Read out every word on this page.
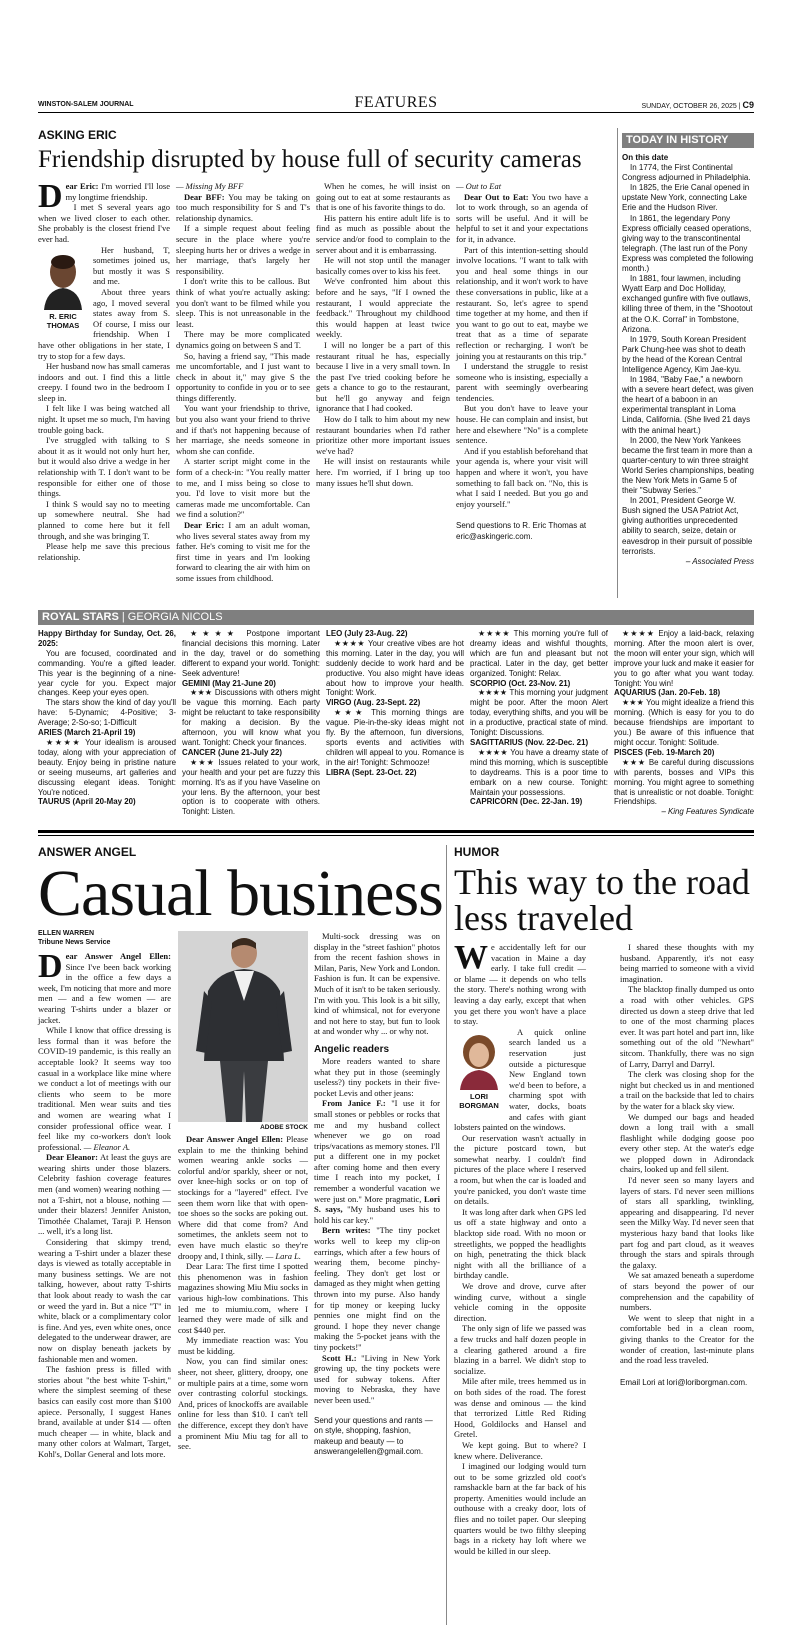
WINSTON-SALEM JOURNAL	FEATURES	SUNDAY, OCTOBER 26, 2025 | C9
ASKING ERIC
Friendship disrupted by house full of security cameras

Dear Eric: I'm worried I'll lose my longtime friendship.

I met S several years ago when we lived closer to each other. She probably is the closest friend I've ever had.

R. ERIC THOMAS

Her husband, T, sometimes joined us, but mostly it was S and me.

About three years ago, I moved several states away from S. Of course, I miss our friendship. When I have other obligations in her state, I try to stop for a few days.

Her husband now has small cameras indoors and out. I find this a little creepy. I found two in the bedroom I sleep in.

I felt like I was being watched all night. It upset me so much, I'm having trouble going back.

I've struggled with talking to S about it as it would not only hurt her, but it would also drive a wedge in her relationship with T. I don't want to be responsible for either one of those things.

I think S would say no to meeting up somewhere neutral. She had planned to come here but it fell through, and she was bringing T.

Please help me save this precious relationship.

— Missing My BFF

Dear BFF: You may be taking on too much responsibility for S and T's relationship dynamics.

If a simple request about feeling secure in the place where you're sleeping hurts her or drives a wedge in her marriage, that's largely her responsibility.

I don't write this to be callous. But think of what you're actually asking: you don't want to be filmed while you sleep. This is not unreasonable in the least.

There may be more complicated dynamics going on between S and T.

So, having a friend say, "This made me uncomfortable, and I just want to check in about it," may give S the opportunity to confide in you or to see things differently.

You want your friendship to thrive, but you also want your friend to thrive and if that's not happening because of her marriage, she needs someone in whom she can confide.

A starter script might come in the form of a check-in: "You really matter to me, and I miss being so close to you. I'd love to visit more but the cameras made me uncomfortable. Can we find a solution?"

Dear Eric: I am an adult woman, who lives several states away from my father. He's coming to visit me for the first time in years and I'm looking forward to clearing the air with him on some issues from childhood.

When he comes, he will insist on going out to eat at some restaurants as that is one of his favorite things to do.

His pattern his entire adult life is to find as much as possible about the service and/or food to complain to the server about and it is embarrassing.

He will not stop until the manager basically comes over to kiss his feet.

We've confronted him about this before and he says, "If I owned the restaurant, I would appreciate the feedback." Throughout my childhood this would happen at least twice weekly.

I will no longer be a part of this restaurant ritual he has, especially because I live in a very small town. In the past I've tried cooking before he gets a chance to go to the restaurant, but he'll go anyway and feign ignorance that I had cooked.

How do I talk to him about my new restaurant boundaries when I'd rather prioritize other more important issues we've had?

He will insist on restaurants while here. I'm worried, if I bring up too many issues he'll shut down.

— Out to Eat

Dear Out to Eat: You two have a lot to work through, so an agenda of sorts will be useful. And it will be helpful to set it and your expectations for it, in advance.

Part of this intention-setting should involve locations. "I want to talk with you and heal some things in our relationship, and it won't work to have these conversations in public, like at a restaurant. So, let's agree to spend time together at my home, and then if you want to go out to eat, maybe we treat that as a time of separate reflection or recharging. I won't be joining you at restaurants on this trip."

I understand the struggle to resist someone who is insisting, especially a parent with seemingly overbearing tendencies.

But you don't have to leave your house. He can complain and insist, but here and elsewhere "No" is a complete sentence.

And if you establish beforehand that your agenda is, where your visit will happen and where it won't, you have something to fall back on. "No, this is what I said I needed. But you go and enjoy yourself."

Send questions to R. Eric Thomas at eric@askingeric.com.

TODAY IN HISTORY

On this date

In 1774, the First Continental Congress adjourned in Philadelphia.

In 1825, the Erie Canal opened in upstate New York, connecting Lake Erie and the Hudson River.

In 1861, the legendary Pony Express officially ceased operations, giving way to the transcontinental telegraph. (The last run of the Pony Express was completed the following month.)

In 1881, four lawmen, including Wyatt Earp and Doc Holliday, exchanged gunfire with five outlaws, killing three of them, in the "Shootout at the O.K. Corral" in Tombstone, Arizona.

In 1979, South Korean President Park Chung-hee was shot to death by the head of the Korean Central Intelligence Agency, Kim Jae-kyu.

In 1984, "Baby Fae," a newborn with a severe heart defect, was given the heart of a baboon in an experimental transplant in Loma Linda, California. (She lived 21 days with the animal heart.)

In 2000, the New York Yankees became the first team in more than a quarter-century to win three straight World Series championships, beating the New York Mets in Game 5 of their "Subway Series."

In 2001, President George W. Bush signed the USA Patriot Act, giving authorities unprecedented ability to search, seize, detain or eavesdrop in their pursuit of possible terrorists.

– Associated Press

ROYAL STARS | GEORGIA NICOLS

Happy Birthday for Sunday, Oct. 26, 2025:

You are focused, coordinated and commanding. You're a gifted leader. This year is the beginning of a nine-year cycle for you. Expect major changes. Keep your eyes open.

The stars show the kind of day you'll have: 5-Dynamic; 4-Positive; 3-Average; 2-So-so; 1-Difficult

ARIES (March 21-April 19)

★★★★ Your idealism is aroused today, along with your appreciation of beauty. Enjoy being in pristine nature or seeing museums, art galleries and discussing elegant ideas. Tonight: You're noticed.

TAURUS (April 20-May 20)

★★★★ Postpone important financial decisions this morning. Later in the day, travel or do something different to expand your world. Tonight: Seek adventure!

GEMINI (May 21-June 20)

★★★ Discussions with others might be vague this morning. Each party might be reluctant to take responsibility for making a decision. By the afternoon, you will know what you want. Tonight: Check your finances.

CANCER (June 21-July 22)

★★★ Issues related to your work, your health and your pet are fuzzy this morning. It's as if you have Vaseline on your lens. By the afternoon, your best option is to cooperate with others. Tonight: Listen.

LEO (July 23-Aug. 22)

★★★★ Your creative vibes are hot this morning. Later in the day, you will suddenly decide to work hard and be productive. You also might have ideas about how to improve your health. Tonight: Work.

VIRGO (Aug. 23-Sept. 22)

★★★ This morning things are vague. Pie-in-the-sky ideas might not fly. By the afternoon, fun diversions, sports events and activities with children will appeal to you. Romance is in the air! Tonight: Schmooze!

LIBRA (Sept. 23-Oct. 22)

★★★★ This morning you're full of dreamy ideas and wishful thoughts, which are fun and pleasant but not practical. Later in the day, get better organized. Tonight: Relax.

SCORPIO (Oct. 23-Nov. 21)

★★★★ This morning your judgment might be poor. After the moon Alert today, everything shifts, and you will be in a productive, practical state of mind. Tonight: Discussions.

SAGITTARIUS (Nov. 22-Dec. 21)

★★★★ You have a dreamy state of mind this morning, which is susceptible to daydreams. This is a poor time to embark on a new course. Tonight: Maintain your possessions.

CAPRICORN (Dec. 22-Jan. 19)

★★★★ Enjoy a laid-back, relaxing morning. After the moon alert is over, the moon will enter your sign, which will improve your luck and make it easier for you to go after what you want today. Tonight: You win!

AQUARIUS (Jan. 20-Feb. 18)

★★★ You might idealize a friend this morning. (Which is easy for you to do because friendships are important to you.) Be aware of this influence that might occur. Tonight: Solitude.

PISCES (Feb. 19-March 20)

★★★ Be careful during discussions with parents, bosses and VIPs this morning. You might agree to something that is unrealistic or not doable. Tonight: Friendships.

– King Features Syndicate

ANSWER ANGEL
Casual business
ELLEN WARREN
Tribune News Service

Dear Answer Angel Ellen: Since I've been back working in the office a few days a week, I'm noticing that more and more men — and a few women — are wearing T-shirts under a blazer or jacket.

While I know that office dressing is less formal than it was before the COVID-19 pandemic, is this really an acceptable look? It seems way too casual in a workplace like mine where we conduct a lot of meetings with our clients who seem to be more traditional. Men wear suits and ties and women are wearing what I consider professional office wear. I feel like my co-workers don't look professional. — Eleanor A.

Dear Eleanor: At least the guys are wearing shirts under those blazers. Celebrity fashion coverage features men (and women) wearing nothing — not a T-shirt, not a blouse, nothing — under their blazers! Jennifer Aniston, Timothée Chalamet, Taraji P. Henson ... well, it's a long list.

Considering that skimpy trend, wearing a T-shirt under a blazer these days is viewed as totally acceptable in many business settings. We are not talking, however, about ratty T-shirts that look about ready to wash the car or weed the yard in. But a nice "T" in white, black or a complimentary color is fine. And yes, even white ones, once delegated to the underwear drawer, are now on display beneath jackets by fashionable men and women.

The fashion press is filled with stories about "the best white T-shirt," where the simplest seeming of these basics can easily cost more than $100 apiece. Personally, I suggest Hanes brand, available at under $14 — often much cheaper — in white, black and many other colors at Walmart, Target, Kohl's, Dollar General and lots more.

ADOBE STOCK

Dear Answer Angel Ellen: Please explain to me the thinking behind women wearing ankle socks — colorful and/or sparkly, sheer or not, over knee-high socks or on top of stockings for a "layered" effect. I've seen them worn like that with open-toe shoes so the socks are poking out. Where did that come from? And sometimes, the anklets seem not to even have much elastic so they're droopy and, I think, silly. — Lara L.

Dear Lara: The first time I spotted this phenomenon was in fashion magazines showing Miu Miu socks in various high-low combinations. This led me to miumiu.com, where I learned they were made of silk and cost $440 per.

My immediate reaction was: You must be kidding.

Now, you can find similar ones: sheer, not sheer, glittery, droopy, one or multiple pairs at a time, some worn over contrasting colorful stockings. And, prices of knockoffs are available online for less than $10. I can't tell the difference, except they don't have a prominent Miu Miu tag for all to see.

Multi-sock dressing was on display in the "street fashion" photos from the recent fashion shows in Milan, Paris, New York and London. Fashion is fun. It can be expensive. Much of it isn't to be taken seriously. I'm with you. This look is a bit silly, kind of whimsical, not for everyone and not here to stay, but fun to look at and wonder why ... or why not.

Angelic readers

More readers wanted to share what they put in those (seemingly useless?) tiny pockets in their five-pocket Levis and other jeans:

From Janice F.: "I use it for small stones or pebbles or rocks that me and my husband collect whenever we go on road trips/vacations as memory stones. I'll put a different one in my pocket after coming home and then every time I reach into my pocket, I remember a wonderful vacation we were just on." More pragmatic, Lori S. says, "My husband uses his to hold his car key."

Bern writes: "The tiny pocket works well to keep my clip-on earrings, which after a few hours of wearing them, become pinchy-feeling. They don't get lost or damaged as they might when getting thrown into my purse. Also handy for tip money or keeping lucky pennies one might find on the ground. I hope they never change making the 5-pocket jeans with the tiny pockets!"

Scott H.: "Living in New York growing up, the tiny pockets were used for subway tokens. After moving to Nebraska, they have never been used."

Send your questions and rants — on style, shopping, fashion, makeup and beauty — to answerangelellen@gmail.com.

HUMOR
This way to the road less traveled

We accidentally left for our vacation in Maine a day early. I take full credit — or blame — it depends on who tells the story. There's nothing wrong with leaving a day early, except that when you get there you won't have a place to stay.

LORI BORGMAN

A quick online search landed us a reservation just outside a picturesque New England town we'd been to before, a charming spot with water, docks, boats and cafes with giant lobsters painted on the windows.

Our reservation wasn't actually in the picture postcard town, but somewhat nearby. I couldn't find pictures of the place where I reserved a room, but when the car is loaded and you're panicked, you don't waste time on details.

It was long after dark when GPS led us off a state highway and onto a blacktop side road. With no moon or streetlights, we popped the headlights on high, penetrating the thick black night with all the brilliance of a birthday candle.

We drove and drove, curve after winding curve, without a single vehicle coming in the opposite direction.

The only sign of life we passed was a few trucks and half dozen people in a clearing gathered around a fire blazing in a barrel. We didn't stop to socialize.

Mile after mile, trees hemmed us in on both sides of the road. The forest was dense and ominous — the kind that terrorized Little Red Riding Hood, Goldilocks and Hansel and Gretel.

We kept going. But to where? I knew where. Deliverance.

I imagined our lodging would turn out to be some grizzled old coot's ramshackle barn at the far back of his property. Amenities would include an outhouse with a creaky door, lots of flies and no toilet paper. Our sleeping quarters would be two filthy sleeping bags in a rickety hay loft where we would be killed in our sleep.

I shared these thoughts with my husband. Apparently, it's not easy being married to someone with a vivid imagination.

The blacktop finally dumped us onto a road with other vehicles. GPS directed us down a steep drive that led to one of the most charming places ever. It was part hotel and part inn, like something out of the old "Newhart" sitcom. Thankfully, there was no sign of Larry, Darryl and Darryl.

The clerk was closing shop for the night but checked us in and mentioned a trail on the backside that led to chairs by the water for a black sky view.

We dumped our bags and headed down a long trail with a small flashlight while dodging goose poo every other step. At the water's edge we plopped down in Adirondack chairs, looked up and fell silent.

I'd never seen so many layers and layers of stars. I'd never seen millions of stars all sparkling, twinkling, appearing and disappearing. I'd never seen the Milky Way. I'd never seen that mysterious hazy band that looks like part fog and part cloud, as it weaves through the stars and spirals through the galaxy.

We sat amazed beneath a superdome of stars beyond the power of our comprehension and the capability of numbers.

We went to sleep that night in a comfortable bed in a clean room, giving thanks to the Creator for the wonder of creation, last-minute plans and the road less traveled.

Email Lori at lori@loriborgman.com.
